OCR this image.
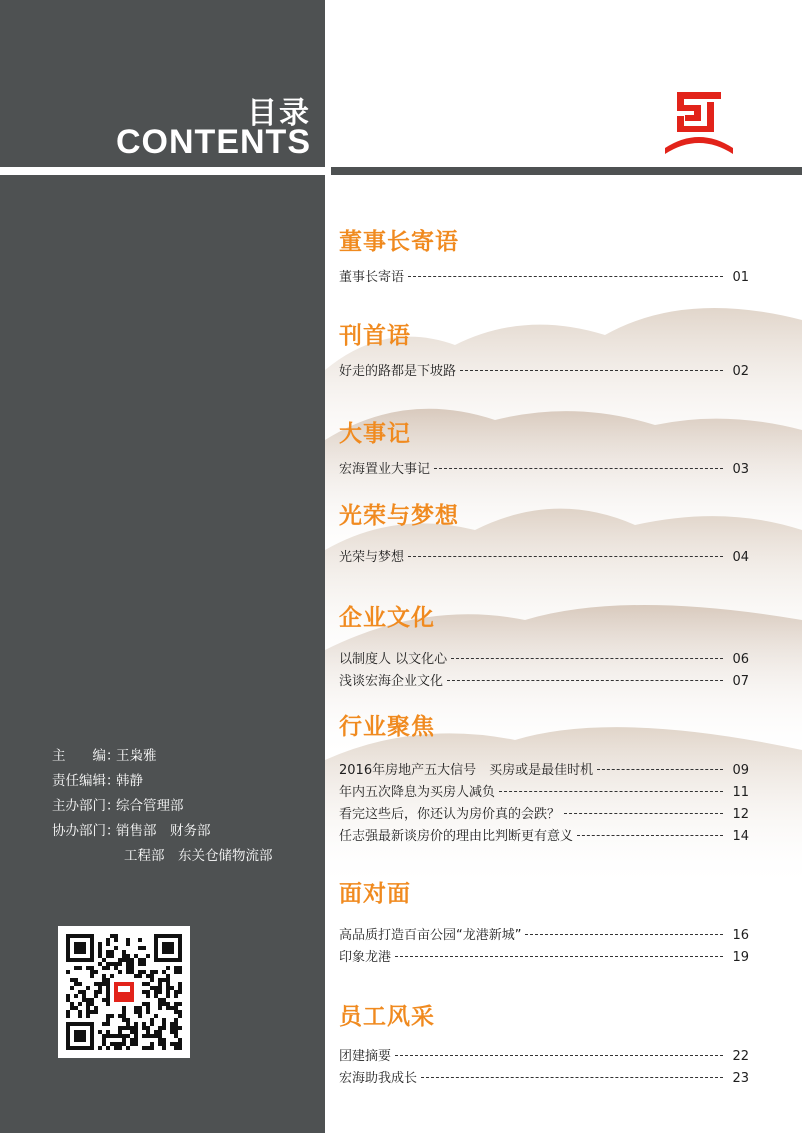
目录
CONTENTS
主　　编：王枭雅
责任编辑：韩静
主办部门：综合管理部
协办部门：销售部　财务部
工程部　东关仓储物流部
董事长寄语
董事长寄语	01
刊首语
好走的路都是下坡路	02
大事记
宏海置业大事记	03
光荣与梦想
光荣与梦想	04
企业文化
以制度人 以文化心	06
浅谈宏海企业文化	07
行业聚焦
2016年房地产五大信号　买房或是最佳时机	09
年内五次降息为买房人减负	11
看完这些后，你还认为房价真的会跌？	12
任志强最新谈房价的理由比判断更有意义	14
面对面
高品质打造百亩公园“龙港新城”	16
印象龙港	19
员工风采
团建摘要	22
宏海助我成长	23
